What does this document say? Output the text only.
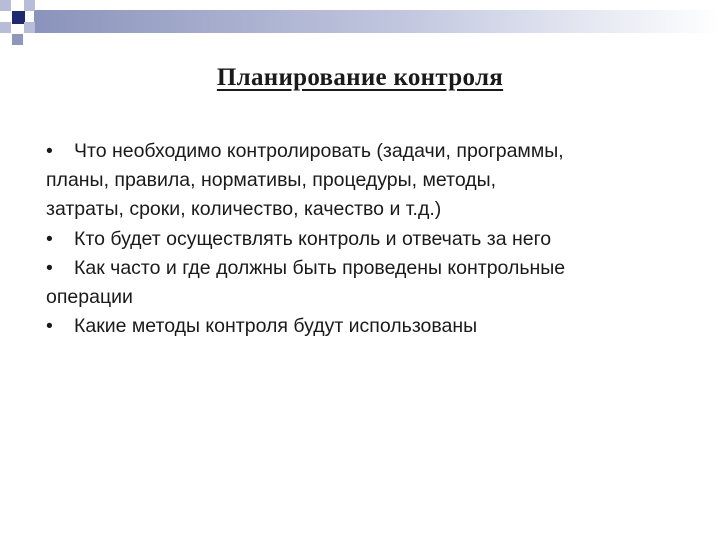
Планирование контроля

• Что необходимо контролировать (задачи, программы,

планы, правила, нормативы, процедуры, методы,

затраты, сроки, количество, качество и т.д.)

• Кто будет осуществлять контроль и отвечать за него

• Как часто и где должны быть проведены контрольные

операции

• Какие методы контроля будут использованы
